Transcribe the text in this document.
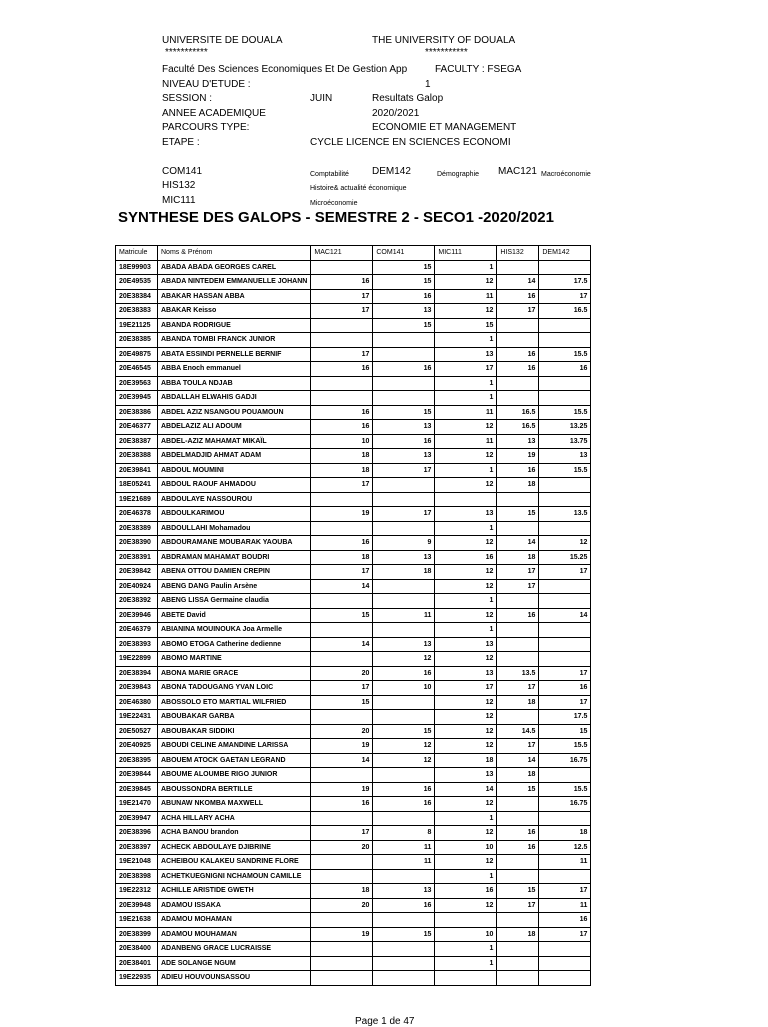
UNIVERSITE DE DOUALA	THE UNIVERSITY OF DOUALA
***********	***********
Faculté Des Sciences Economiques Et De Gestion App	FACULTY : FSEGA
NIVEAU D'ETUDE :	1
SESSION :	JUIN	Resultats Galop
ANNEE ACADEMIQUE	2020/2021
PARCOURS TYPE:	ECONOMIE ET MANAGEMENT
ETAPE :	CYCLE LICENCE EN SCIENCES ECONOMI
COM141	Comptabilité DEM142	Démographie MAC121 Macroéconomie
HIS132	Histoire& actualité économique
MIC111	Microéconomie
SYNTHESE DES GALOPS - SEMESTRE 2 - SECO1 -2020/2021
Matricule	Noms & Prénom	MAC121	COM141	MIC111	HIS132	DEM142
18E99903	ABADA ABADA GEORGES CAREL		15	1		
20E49535	ABADA NINTEDEM EMMANUELLE JOHANN	16	15	12	14	17.5
20E38384	ABAKAR HASSAN ABBA	17	16	11	16	17
20E38383	ABAKAR Keisso	17	13	12	17	16.5
19E21125	ABANDA RODRIGUE		15	15		
20E38385	ABANDA TOMBI FRANCK JUNIOR			1		
20E49875	ABATA ESSINDI PERNELLE BERNIF	17		13	16	15.5
20E46545	ABBA Enoch emmanuel	16	16	17	16	16
20E39563	ABBA TOULA NDJAB			1		
20E39945	ABDALLAH ELWAHIS GADJI			1		
20E38386	ABDEL AZIZ NSANGOU POUAMOUN	16	15	11	16.5	15.5
20E46377	ABDELAZIZ ALI ADOUM	16	13	12	16.5	13.25
20E38387	ABDEL-AZIZ MAHAMAT MIKAÏL	10	16	11	13	13.75
20E38388	ABDELMADJID AHMAT ADAM	18	13	12	19	13
20E39841	ABDOUL MOUMINI	18	17	1	16	15.5
18E05241	ABDOUL RAOUF AHMADOU	17		12	18	
19E21689	ABDOULAYE NASSOUROU					
20E46378	ABDOULKARIMOU	19	17	13	15	13.5
20E38389	ABDOULLAHI Mohamadou			1		
20E38390	ABDOURAMANE MOUBARAK YAOUBA	16	9	12	14	12
20E38391	ABDRAMAN MAHAMAT BOUDRI	18	13	16	18	15.25
20E39842	ABENA OTTOU DAMIEN CREPIN	17	18	12	17	17
20E40924	ABENG DANG Paulin Arsène	14		12	17	
20E38392	ABENG LISSA Germaine claudia			1		
20E39946	ABETE David	15	11	12	16	14
20E46379	ABIANINA MOUINOUKA Joa Armelle			1		
20E38393	ABOMO ETOGA Catherine dedienne	14	13	13		
19E22899	ABOMO MARTINE		12	12		
20E38394	ABONA MARIE GRACE	20	16	13	13.5	17
20E39843	ABONA TADOUGANG YVAN LOIC	17	10	17	17	16
20E46380	ABOSSOLO ETO MARTIAL WILFRIED	15		12	18	17
19E22431	ABOUBAKAR GARBA			12		17.5
20E50527	ABOUBAKAR SIDDIKI	20	15	12	14.5	15
20E40925	ABOUDI CELINE AMANDINE LARISSA	19	12	12	17	15.5
20E38395	ABOUEM ATOCK GAETAN LEGRAND	14	12	18	14	16.75
20E39844	ABOUME ALOUMBE RIGO JUNIOR			13	18	
20E39845	ABOUSSONDRA BERTILLE	19	16	14	15	15.5
19E21470	ABUNAW NKOMBA MAXWELL	16	16	12		16.75
20E39947	ACHA HILLARY ACHA			1		
20E38396	ACHA BANOU brandon	17	8	12	16	18
20E38397	ACHECK ABDOULAYE DJIBRINE	20	11	10	16	12.5
19E21048	ACHEIBOU KALAKEU SANDRINE FLORE		11	12		11
20E38398	ACHETKUEGNIGNI NCHAMOUN CAMILLE			1		
19E22312	ACHILLE ARISTIDE GWETH	18	13	16	15	17
20E39948	ADAMOU ISSAKA	20	16	12	17	11
19E21638	ADAMOU MOHAMAN					16
20E38399	ADAMOU MOUHAMAN	19	15	10	18	17
20E38400	ADANBENG GRACE LUCRAISSE			1		
20E38401	ADE SOLANGE NGUM			1		
19E22935	ADIEU HOUVOUNSASSOU					
Page 1 de 47
